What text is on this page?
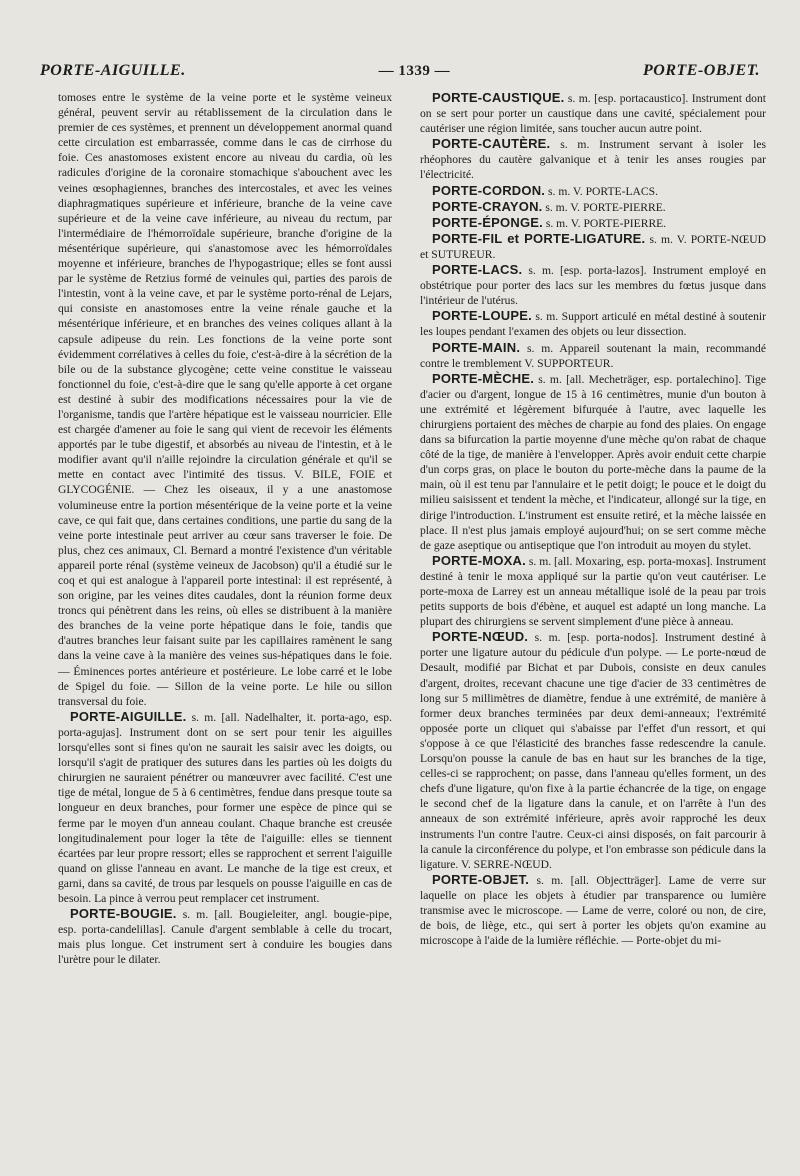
PORTE-AIGUILLE.	— 1339 —	PORTE-OBJET.

tomoses entre le système de la veine porte et le système veineux général, peuvent servir au rétablissement de la circulation dans le premier de ces systèmes, et prennent un développement anormal quand cette circulation est embarrassée, comme dans le cas de cirrhose du foie. Ces anastomoses existent encore au niveau du cardia, où les radicules d'origine de la coronaire stomachique s'abouchent avec les veines œsophagiennes, branches des intercostales, et avec les veines diaphragmatiques supérieure et inférieure, branche de la veine cave supérieure et de la veine cave inférieure, au niveau du rectum, par l'intermédiaire de l'hémorroïdale supérieure, branche d'origine de la mésentérique supérieure, qui s'anastomose avec les hémorroïdales moyenne et inférieure, branches de l'hypogastrique; elles se font aussi par le système de Retzius formé de veinules qui, parties des parois de l'intestin, vont à la veine cave, et par le système porto-rénal de Lejars, qui consiste en anastomoses entre la veine rénale gauche et la mésentérique inférieure, et en branches des veines coliques allant à la capsule adipeuse du rein. Les fonctions de la veine porte sont évidemment corrélatives à celles du foie, c'est-à-dire à la sécrétion de la bile ou de la substance glycogène; cette veine constitue le vaisseau fonctionnel du foie, c'est-à-dire que le sang qu'elle apporte à cet organe est destiné à subir des modifications nécessaires pour la vie de l'organisme, tandis que l'artère hépatique est le vaisseau nourricier. Elle est chargée d'amener au foie le sang qui vient de recevoir les éléments apportés par le tube digestif, et absorbés au niveau de l'intestin, et à le modifier avant qu'il n'aille rejoindre la circulation générale et qu'il se mette en contact avec l'intimité des tissus. V. BILE, FOIE et GLYCOGÉNIE. — Chez les oiseaux, il y a une anastomose volumineuse entre la portion mésentérique de la veine porte et la veine cave, ce qui fait que, dans certaines conditions, une partie du sang de la veine porte intestinale peut arriver au cœur sans traverser le foie. De plus, chez ces animaux, Cl. Bernard a montré l'existence d'un véritable appareil porte rénal (système veineux de Jacobson) qu'il a étudié sur le coq et qui est analogue à l'appareil porte intestinal: il est représenté, à son origine, par les veines dites caudales, dont la réunion forme deux troncs qui pénètrent dans les reins, où elles se distribuent à la manière des branches de la veine porte hépatique dans le foie, tandis que d'autres branches leur faisant suite par les capillaires ramènent le sang dans la veine cave à la manière des veines sus-hépatiques dans le foie. — Éminences portes antérieure et postérieure. Le lobe carré et le lobe de Spigel du foie. — Sillon de la veine porte. Le hile ou sillon transversal du foie.

PORTE-AIGUILLE. s. m. [all. Nadelhalter, it. porta-ago, esp. porta-agujas]. Instrument dont on se sert pour tenir les aiguilles lorsqu'elles sont si fines qu'on ne saurait les saisir avec les doigts, ou lorsqu'il s'agit de pratiquer des sutures dans les parties où les doigts du chirurgien ne sauraient pénétrer ou manœuvrer avec facilité. C'est une tige de métal, longue de 5 à 6 centimètres, fendue dans presque toute sa longueur en deux branches, pour former une espèce de pince qui se ferme par le moyen d'un anneau coulant. Chaque branche est creusée longitudinalement pour loger la tête de l'aiguille: elles se tiennent écartées par leur propre ressort; elles se rapprochent et serrent l'aiguille quand on glisse l'anneau en avant. Le manche de la tige est creux, et garni, dans sa cavité, de trous par lesquels on pousse l'aiguille en cas de besoin. La pince à verrou peut remplacer cet instrument.

PORTE-BOUGIE. s. m. [all. Bougieleiter, angl. bougie-pipe, esp. porta-candelillas]. Canule d'argent semblable à celle du trocart, mais plus longue. Cet instrument sert à conduire les bougies dans l'urètre pour le dilater.

PORTE-CAUSTIQUE. s. m. [esp. portacaustico]. Instrument dont on se sert pour porter un caustique dans une cavité, spécialement pour cautériser une région limitée, sans toucher aucun autre point.

PORTE-CAUTÈRE. s. m. Instrument servant à isoler les rhéophores du cautère galvanique et à tenir les anses rougies par l'électricité.

PORTE-CORDON. s. m. V. PORTE-LACS.

PORTE-CRAYON. s. m. V. PORTE-PIERRE.

PORTE-ÉPONGE. s. m. V. PORTE-PIERRE.

PORTE-FIL et PORTE-LIGATURE. s. m. V. PORTE-NŒUD et SUTUREUR.

PORTE-LACS. s. m. [esp. porta-lazos]. Instrument employé en obstétrique pour porter des lacs sur les membres du fœtus jusque dans l'intérieur de l'utérus.

PORTE-LOUPE. s. m. Support articulé en métal destiné à soutenir les loupes pendant l'examen des objets ou leur dissection.

PORTE-MAIN. s. m. Appareil soutenant la main, recommandé contre le tremblement V. SUPPORTEUR.

PORTE-MÈCHE. s. m. [all. Mecheträger, esp. portalechino]. Tige d'acier ou d'argent, longue de 15 à 16 centimètres, munie d'un bouton à une extrémité et légèrement bifurquée à l'autre, avec laquelle les chirurgiens portaient des mèches de charpie au fond des plaies. On engage dans sa bifurcation la partie moyenne d'une mèche qu'on rabat de chaque côté de la tige, de manière à l'envelopper. Après avoir enduit cette charpie d'un corps gras, on place le bouton du porte-mèche dans la paume de la main, où il est tenu par l'annulaire et le petit doigt; le pouce et le doigt du milieu saisissent et tendent la mèche, et l'indicateur, allongé sur la tige, en dirige l'introduction. L'instrument est ensuite retiré, et la mèche laissée en place. Il n'est plus jamais employé aujourd'hui; on se sert comme mèche de gaze aseptique ou antiseptique que l'on introduit au moyen du stylet.

PORTE-MOXA. s. m. [all. Moxaring, esp. porta-moxas]. Instrument destiné à tenir le moxa appliqué sur la partie qu'on veut cautériser. Le porte-moxa de Larrey est un anneau métallique isolé de la peau par trois petits supports de bois d'ébène, et auquel est adapté un long manche. La plupart des chirurgiens se servent simplement d'une pièce à anneau.

PORTE-NŒUD. s. m. [esp. porta-nodos]. Instrument destiné à porter une ligature autour du pédicule d'un polype. — Le porte-nœud de Desault, modifié par Bichat et par Dubois, consiste en deux canules d'argent, droites, recevant chacune une tige d'acier de 33 centimètres de long sur 5 millimètres de diamètre, fendue à une extrémité, de manière à former deux branches terminées par deux demi-anneaux; l'extrémité opposée porte un cliquet qui s'abaisse par l'effet d'un ressort, et qui s'oppose à ce que l'élasticité des branches fasse redescendre la canule. Lorsqu'on pousse la canule de bas en haut sur les branches de la tige, celles-ci se rapprochent; on passe, dans l'anneau qu'elles forment, un des chefs d'une ligature, qu'on fixe à la partie échancrée de la tige, on engage le second chef de la ligature dans la canule, et on l'arrête à l'un des anneaux de son extrémité inférieure, après avoir rapproché les deux instruments l'un contre l'autre. Ceux-ci ainsi disposés, on fait parcourir à la canule la circonférence du polype, et l'on embrasse son pédicule dans la ligature. V. SERRE-NŒUD.

PORTE-OBJET. s. m. [all. Objectträger]. Lame de verre sur laquelle on place les objets à étudier par transparence ou lumière transmise avec le microscope. — Lame de verre, coloré ou non, de cire, de bois, de liège, etc., qui sert à porter les objets qu'on examine au microscope à l'aide de la lumière réfléchie. — Porte-objet du mi-
